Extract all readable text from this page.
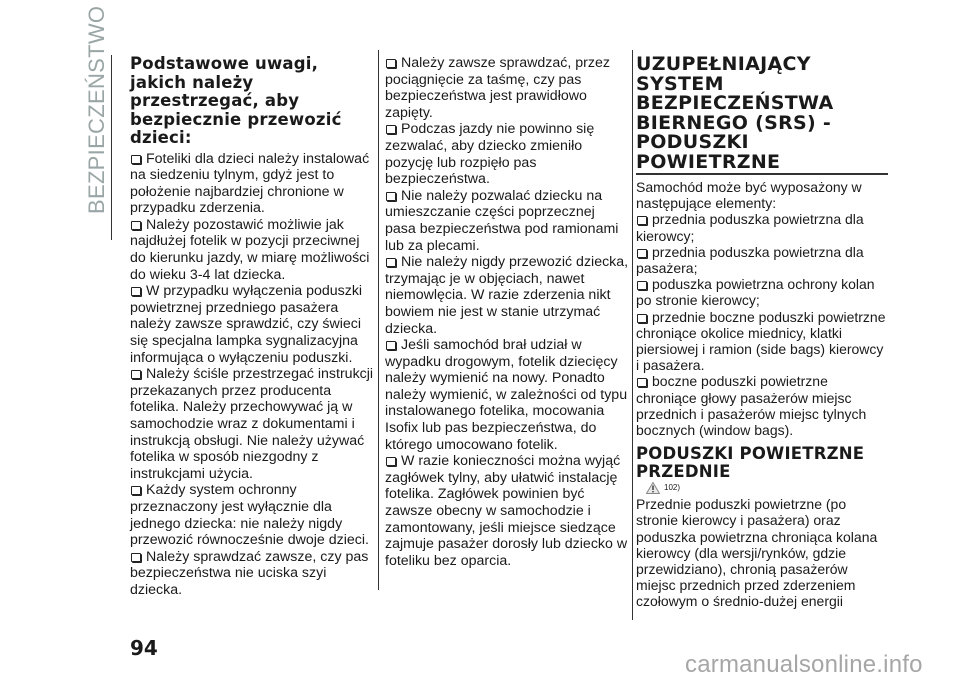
BEZPIECZEŃSTWO Podstawowe uwagi, jakich należy przestrzegać, aby bezpiecznie przewozić dzieci:

Foteliki dla dzieci należy instalować na siedzeniu tylnym, gdyż jest to położenie najbardziej chronione w przypadku zderzenia.

Należy pozostawić możliwie jak najdłużej fotelik w pozycji przeciwnej do kierunku jazdy, w miarę możliwości do wieku 3-4 lat dziecka.

W przypadku wyłączenia poduszki powietrznej przedniego pasażera należy zawsze sprawdzić, czy świeci się specjalna lampka sygnalizacyjna informująca o wyłączeniu poduszki.

Należy ściśle przestrzegać instrukcji przekazanych przez producenta fotelika. Należy przechowywać ją w samochodzie wraz z dokumentami i instrukcją obsługi. Nie należy używać fotelika w sposób niezgodny z instrukcjami użycia.

Każdy system ochronny przeznaczony jest wyłącznie dla jednego dziecka: nie należy nigdy przewozić równocześnie dwoje dzieci.

Należy sprawdzać zawsze, czy pas bezpieczeństwa nie uciska szyi dziecka.

Należy zawsze sprawdzać, przez pociągnięcie za taśmę, czy pas bezpieczeństwa jest prawidłowo zapięty.

Podczas jazdy nie powinno się zezwalać, aby dziecko zmieniło pozycję lub rozpięło pas bezpieczeństwa.

Nie należy pozwalać dziecku na umieszczanie części poprzecznej pasa bezpieczeństwa pod ramionami lub za plecami.

Nie należy nigdy przewozić dziecka, trzymając je w objęciach, nawet niemowlęcia. W razie zderzenia nikt bowiem nie jest w stanie utrzymać dziecka.

Jeśli samochód brał udział w wypadku drogowym, fotelik dziecięcy należy wymienić na nowy. Ponadto należy wymienić, w zależności od typu instalowanego fotelika, mocowania Isofix lub pas bezpieczeństwa, do którego umocowano fotelik.

W razie konieczności można wyjąć zagłówek tylny, aby ułatwić instalację fotelika. Zagłówek powinien być zawsze obecny w samochodzie i zamontowany, jeśli miejsce siedzące zajmuje pasażer dorosły lub dziecko w foteliku bez oparcia.

UZUPEŁNIAJĄCY SYSTEM BEZPIECZEŃSTWA BIERNEGO (SRS) - PODUSZKI POWIETRZNE

Samochód może być wyposażony w następujące elementy:

przednia poduszka powietrzna dla kierowcy;

przednia poduszka powietrzna dla pasażera;

poduszka powietrzna ochrony kolan po stronie kierowcy;

przednie boczne poduszki powietrzne chroniące okolice miednicy, klatki piersiowej i ramion (side bags) kierowcy i pasażera.

boczne poduszki powietrzne chroniące głowy pasażerów miejsc przednich i pasażerów miejsc tylnych bocznych (window bags).

PODUSZKI POWIETRZNE PRZEDNIE
102)

Przednie poduszki powietrzne (po stronie kierowcy i pasażera) oraz poduszka powietrzna chroniąca kolana kierowcy (dla wersji/rynków, gdzie przewidziano), chronią pasażerów miejsc przednich przed zderzeniem czołowym o średnio-dużej energii

94
carmanualsonline.info
